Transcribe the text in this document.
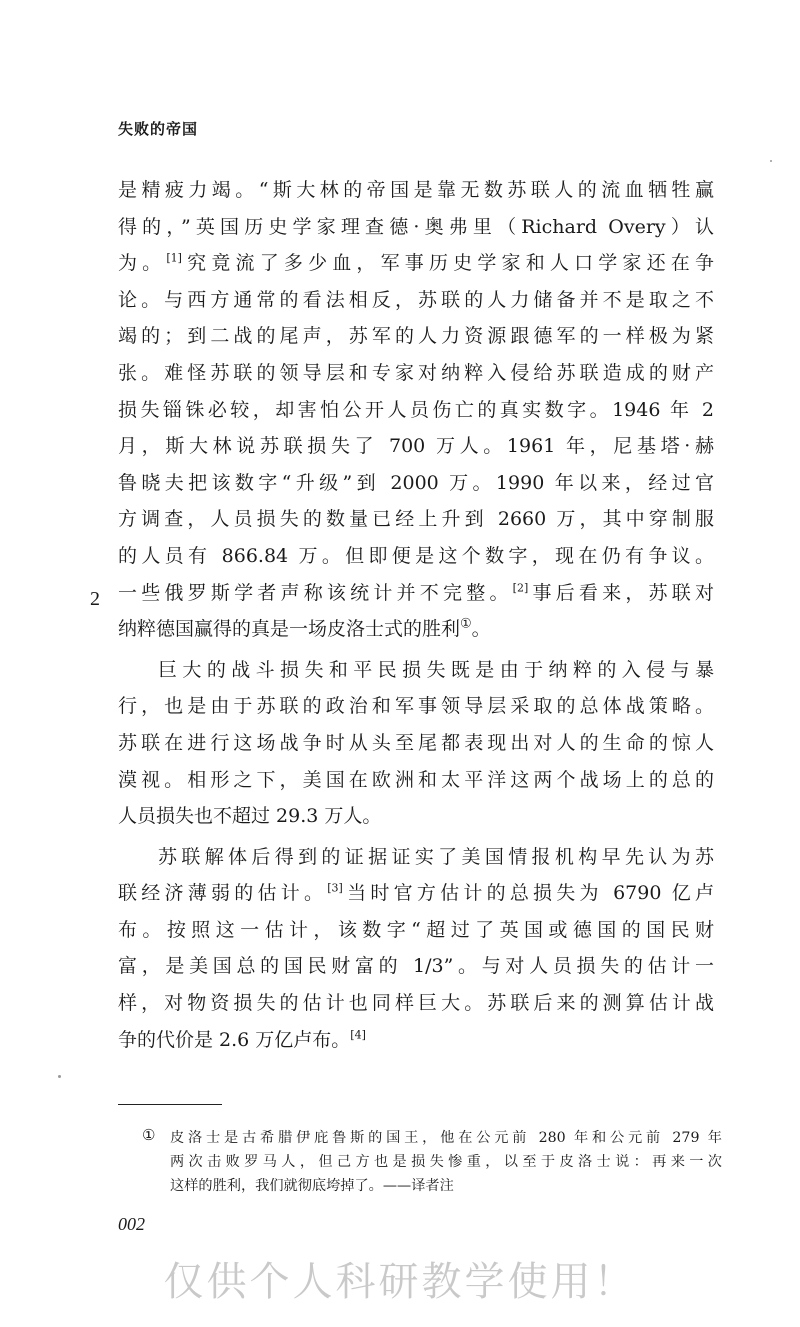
失败的帝国
是精疲力竭。“斯大林的帝国是靠无数苏联人的流血牺牲赢
得的，”英国历史学家理查德·奥弗里（Richard Overy）认
为。[1]究竟流了多少血，军事历史学家和人口学家还在争
论。与西方通常的看法相反，苏联的人力储备并不是取之不
竭的；到二战的尾声，苏军的人力资源跟德军的一样极为紧
张。难怪苏联的领导层和专家对纳粹入侵给苏联造成的财产
损失锱铢必较，却害怕公开人员伤亡的真实数字。1946 年 2
月，斯大林说苏联损失了 700 万人。1961 年，尼基塔·赫
鲁晓夫把该数字“升级”到 2000 万。1990 年以来，经过官
方调查，人员损失的数量已经上升到 2660 万，其中穿制服
的人员有 866.84 万。但即便是这个数字，现在仍有争议。
一些俄罗斯学者声称该统计并不完整。[2]事后看来，苏联对
纳粹德国赢得的真是一场皮洛士式的胜利①。
巨大的战斗损失和平民损失既是由于纳粹的入侵与暴
行，也是由于苏联的政治和军事领导层采取的总体战策略。
苏联在进行这场战争时从头至尾都表现出对人的生命的惊人
漠视。相形之下，美国在欧洲和太平洋这两个战场上的总的
人员损失也不超过 29.3 万人。
苏联解体后得到的证据证实了美国情报机构早先认为苏
联经济薄弱的估计。[3]当时官方估计的总损失为 6790 亿卢
布。按照这一估计，该数字“超过了英国或德国的国民财
富，是美国总的国民财富的 1/3”。与对人员损失的估计一
样，对物资损失的估计也同样巨大。苏联后来的测算估计战
争的代价是 2.6 万亿卢布。[4]
2
① 皮洛士是古希腊伊庇鲁斯的国王，他在公元前 280 年和公元前 279 年
两次击败罗马人，但己方也是损失惨重，以至于皮洛士说：再来一次
这样的胜利，我们就彻底垮掉了。——译者注
002
仅供个人科研教学使用！
